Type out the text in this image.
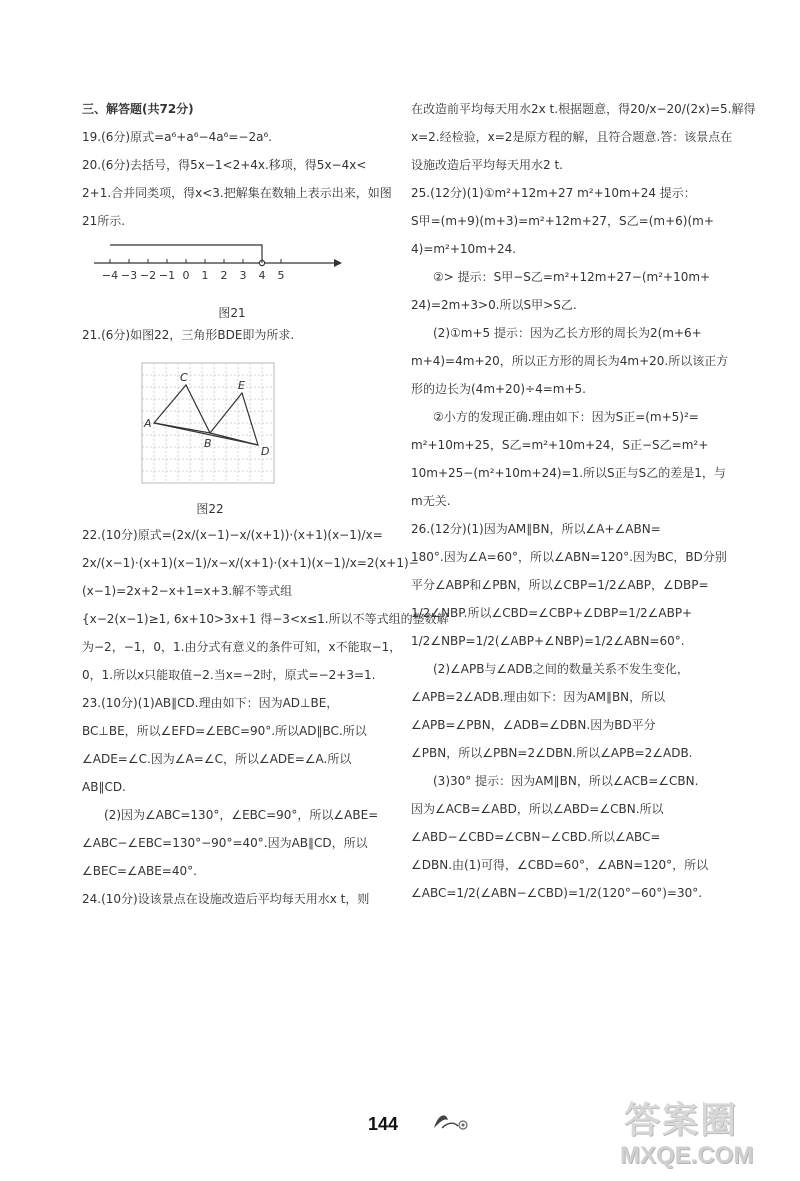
三、解答题(共72分)
19.(6分)原式=a⁶+a⁶−4a⁶=−2a⁶.
20.(6分)去括号，得5x−1<2+4x.移项，得5x−4x<
2+1.合并同类项，得x<3.把解集在数轴上表示出来，如图
21所示.
−4 −3 −2 −1 0 1 2 3 4 5
图21
21.(6分)如图22，三角形BDE即为所求.
C
E
A
B
D
图22
22.(10分)原式=(2x/(x−1)−x/(x+1))·(x+1)(x−1)/x=
2x/(x−1)·(x+1)(x−1)/x−x/(x+1)·(x+1)(x−1)/x=2(x+1)−
(x−1)=2x+2−x+1=x+3.解不等式组
{x−2(x−1)≥1, 6x+10>3x+1 得−3<x≤1.所以不等式组的整数解
为−2，−1，0，1.由分式有意义的条件可知，x不能取−1，
0，1.所以x只能取值−2.当x=−2时，原式=−2+3=1.
23.(10分)(1)AB∥CD.理由如下：因为AD⊥BE，
BC⊥BE，所以∠EFD=∠EBC=90°.所以AD∥BC.所以
∠ADE=∠C.因为∠A=∠C，所以∠ADE=∠A.所以
AB∥CD.
(2)因为∠ABC=130°，∠EBC=90°，所以∠ABE=
∠ABC−∠EBC=130°−90°=40°.因为AB∥CD，所以
∠BEC=∠ABE=40°.
24.(10分)设该景点在设施改造后平均每天用水x t，则
在改造前平均每天用水2x t.根据题意，得20/x−20/(2x)=5.解得
x=2.经检验，x=2是原方程的解，且符合题意.答：该景点在
设施改造后平均每天用水2 t.
25.(12分)(1)①m²+12m+27 m²+10m+24 提示：
S甲=(m+9)(m+3)=m²+12m+27，S乙=(m+6)(m+
4)=m²+10m+24.
②> 提示：S甲−S乙=m²+12m+27−(m²+10m+
24)=2m+3>0.所以S甲>S乙.
(2)①m+5 提示：因为乙长方形的周长为2(m+6+
m+4)=4m+20，所以正方形的周长为4m+20.所以该正方
形的边长为(4m+20)÷4=m+5.
②小方的发现正确.理由如下：因为S正=(m+5)²=
m²+10m+25，S乙=m²+10m+24，S正−S乙=m²+
10m+25−(m²+10m+24)=1.所以S正与S乙的差是1，与
m无关.
26.(12分)(1)因为AM∥BN，所以∠A+∠ABN=
180°.因为∠A=60°，所以∠ABN=120°.因为BC，BD分别
平分∠ABP和∠PBN，所以∠CBP=1/2∠ABP，∠DBP=
1/2∠NBP.所以∠CBD=∠CBP+∠DBP=1/2∠ABP+
1/2∠NBP=1/2(∠ABP+∠NBP)=1/2∠ABN=60°.
(2)∠APB与∠ADB之间的数量关系不发生变化，
∠APB=2∠ADB.理由如下：因为AM∥BN，所以
∠APB=∠PBN，∠ADB=∠DBN.因为BD平分
∠PBN，所以∠PBN=2∠DBN.所以∠APB=2∠ADB.
(3)30° 提示：因为AM∥BN，所以∠ACB=∠CBN.
因为∠ACB=∠ABD，所以∠ABD=∠CBN.所以
∠ABD−∠CBD=∠CBN−∠CBD.所以∠ABC=
∠DBN.由(1)可得，∠CBD=60°，∠ABN=120°，所以
∠ABC=1/2(∠ABN−∠CBD)=1/2(120°−60°)=30°.
144	答案圈
MXQE.COM
